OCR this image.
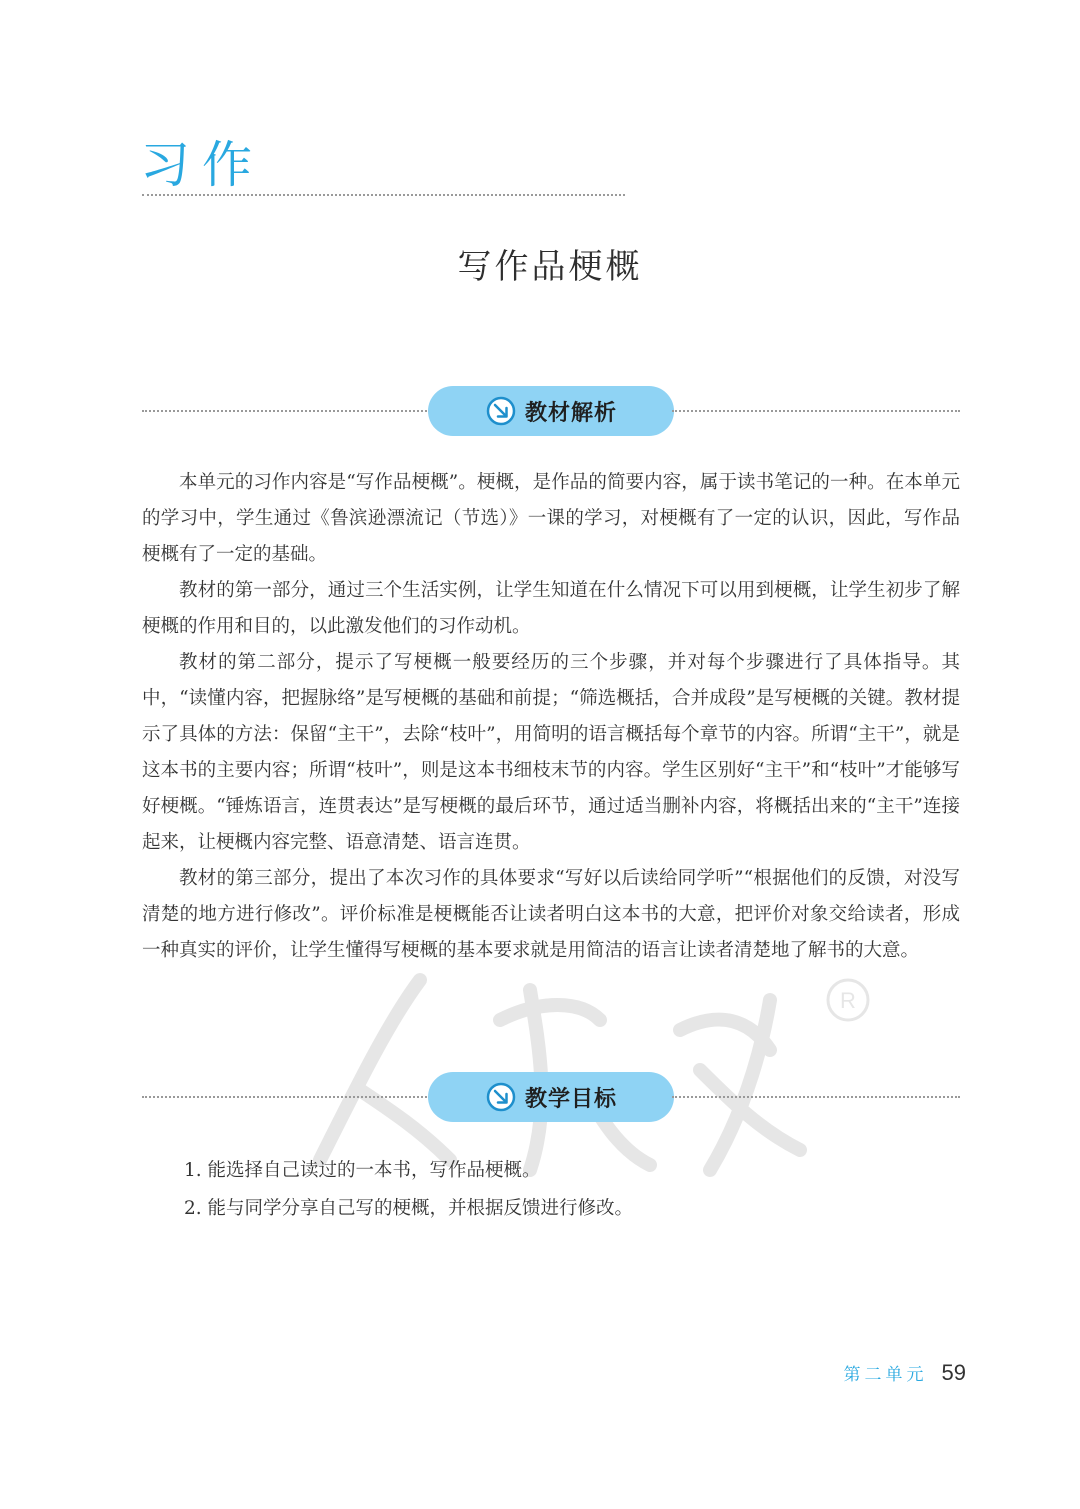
R
习作
写作品梗概
教材解析

本单元的习作内容是“写作品梗概”。梗概，是作品的简要内容，属于读书笔记的一种。在本单元的学习中，学生通过《鲁滨逊漂流记（节选）》一课的学习，对梗概有了一定的认识，因此，写作品梗概有了一定的基础。

教材的第一部分，通过三个生活实例，让学生知道在什么情况下可以用到梗概，让学生初步了解梗概的作用和目的，以此激发他们的习作动机。

教材的第二部分，提示了写梗概一般要经历的三个步骤，并对每个步骤进行了具体指导。其中，“读懂内容，把握脉络”是写梗概的基础和前提；“筛选概括，合并成段”是写梗概的关键。教材提示了具体的方法：保留“主干”，去除“枝叶”，用简明的语言概括每个章节的内容。所谓“主干”，就是这本书的主要内容；所谓“枝叶”，则是这本书细枝末节的内容。学生区别好“主干”和“枝叶”才能够写好梗概。“锤炼语言，连贯表达”是写梗概的最后环节，通过适当删补内容，将概括出来的“主干”连接起来，让梗概内容完整、语意清楚、语言连贯。

教材的第三部分，提出了本次习作的具体要求“写好以后读给同学听”“根据他们的反馈，对没写清楚的地方进行修改”。评价标准是梗概能否让读者明白这本书的大意，把评价对象交给读者，形成一种真实的评价，让学生懂得写梗概的基本要求就是用简洁的语言让读者清楚地了解书的大意。

教学目标
1. 能选择自己读过的一本书，写作品梗概。
2. 能与同学分享自己写的梗概，并根据反馈进行修改。
第二单元 59
